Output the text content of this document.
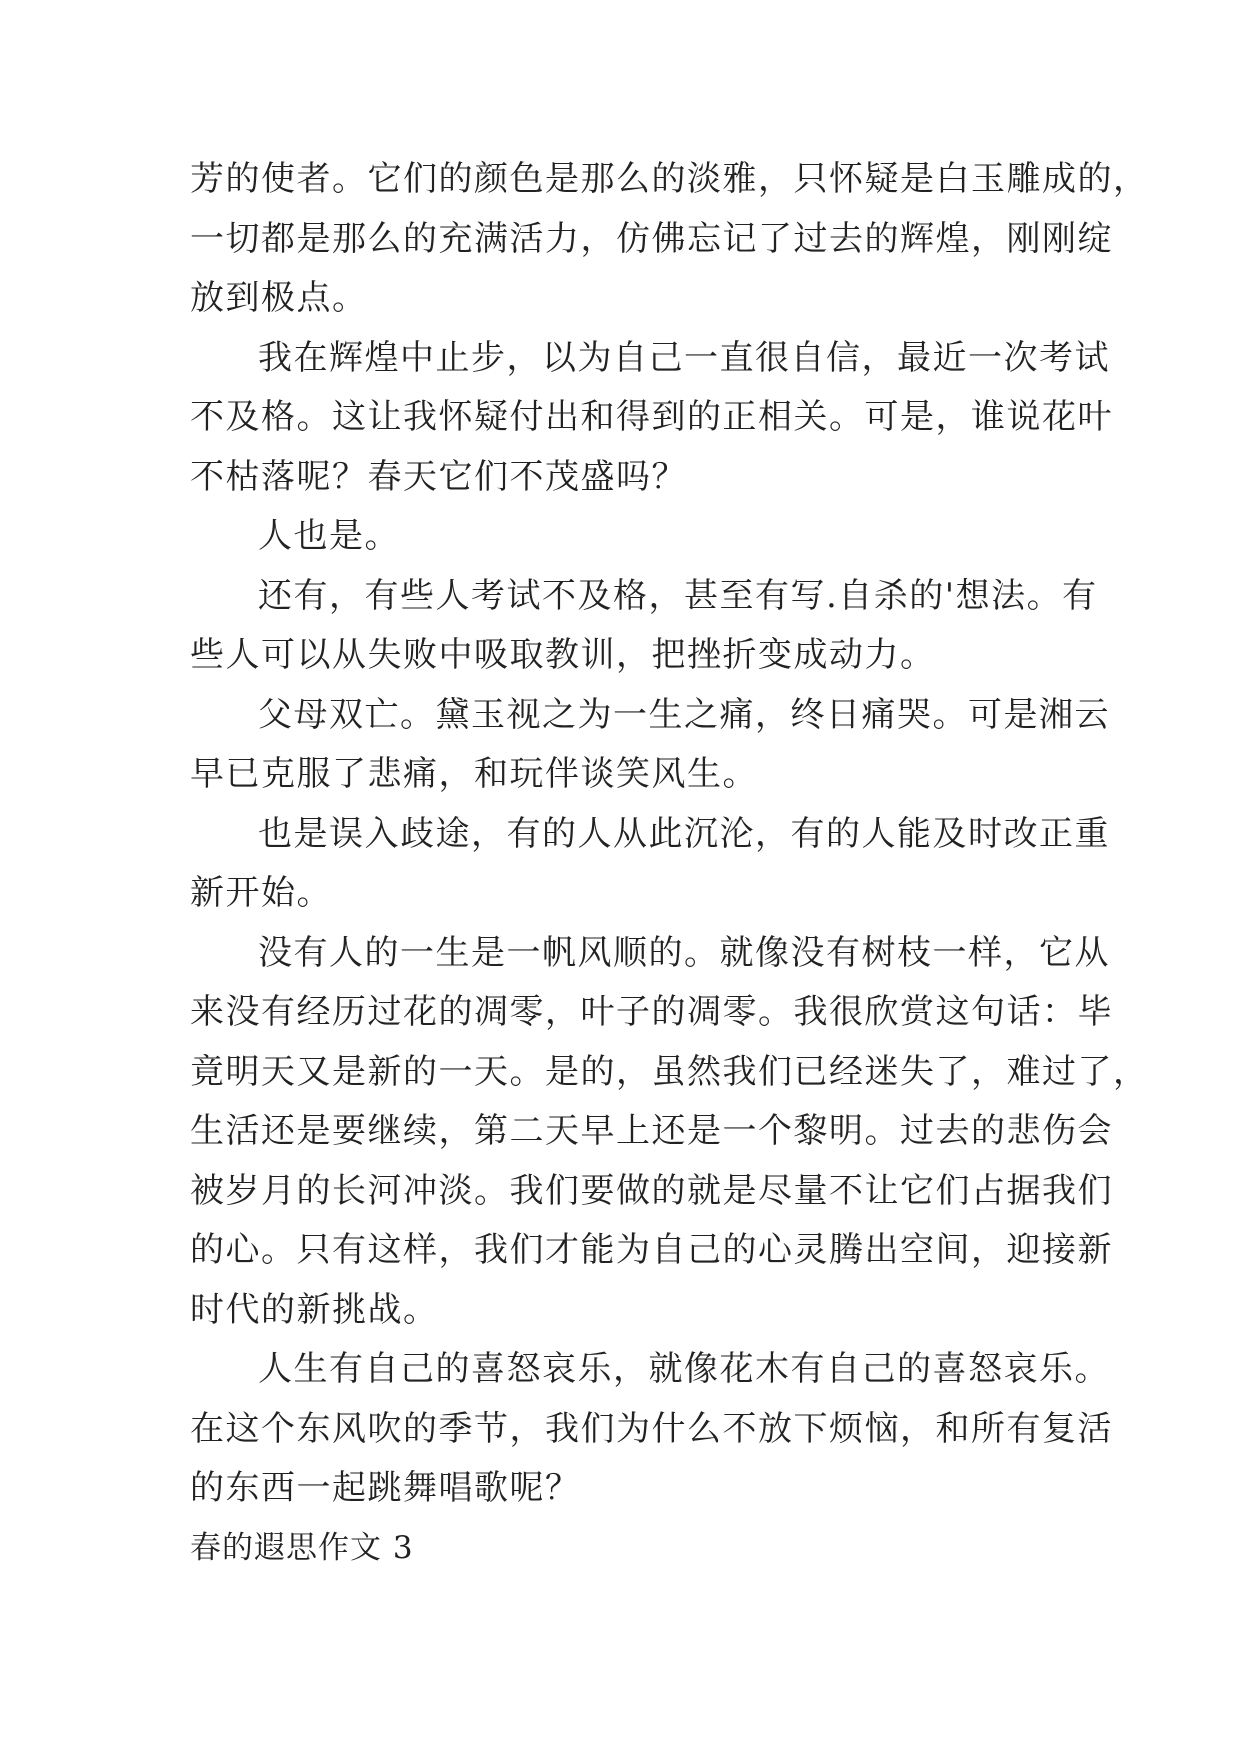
芳的使者。它们的颜色是那么的淡雅，只怀疑是白玉雕成的，
一切都是那么的充满活力，仿佛忘记了过去的辉煌，刚刚绽
放到极点。
我在辉煌中止步，以为自己一直很自信，最近一次考试
不及格。这让我怀疑付出和得到的正相关。可是，谁说花叶
不枯落呢？春天它们不茂盛吗？
人也是。
还有，有些人考试不及格，甚至有写.自杀的'想法。有
些人可以从失败中吸取教训，把挫折变成动力。
父母双亡。黛玉视之为一生之痛，终日痛哭。可是湘云
早已克服了悲痛，和玩伴谈笑风生。
也是误入歧途，有的人从此沉沦，有的人能及时改正重
新开始。
没有人的一生是一帆风顺的。就像没有树枝一样，它从
来没有经历过花的凋零，叶子的凋零。我很欣赏这句话：毕
竟明天又是新的一天。是的，虽然我们已经迷失了，难过了，
生活还是要继续，第二天早上还是一个黎明。过去的悲伤会
被岁月的长河冲淡。我们要做的就是尽量不让它们占据我们
的心。只有这样，我们才能为自己的心灵腾出空间，迎接新
时代的新挑战。
人生有自己的喜怒哀乐，就像花木有自己的喜怒哀乐。
在这个东风吹的季节，我们为什么不放下烦恼，和所有复活
的东西一起跳舞唱歌呢？
春的遐思作文 3
